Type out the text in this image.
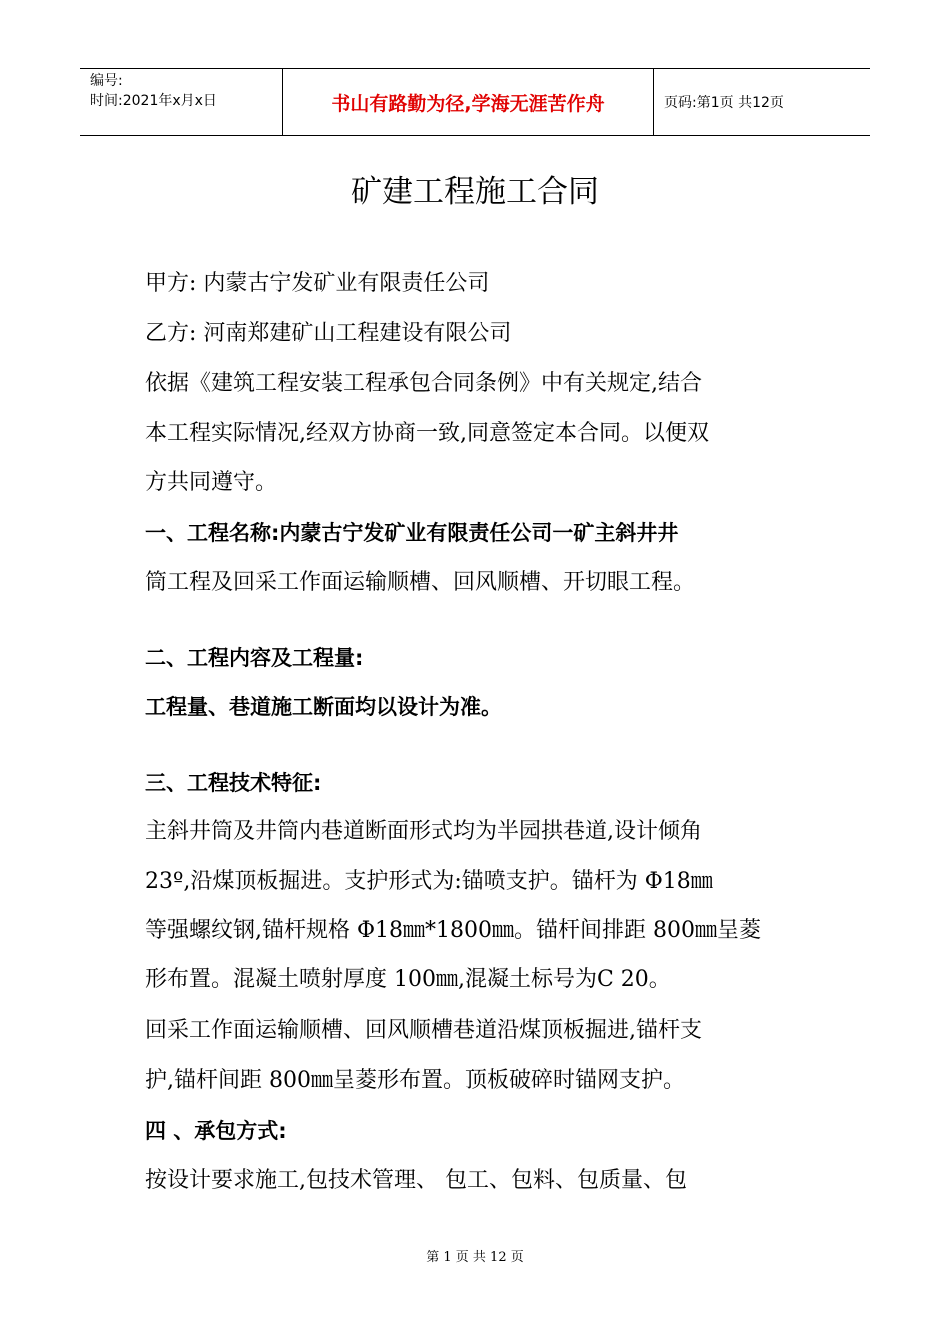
编号:
时间:2021年x月x日	书山有路勤为径,学海无涯苦作舟	页码:第1页 共12页
矿建工程施工合同
甲方: 内蒙古宁发矿业有限责任公司
乙方: 河南郑建矿山工程建设有限公司
依据《建筑工程安装工程承包合同条例》中有关规定,结合
本工程实际情况,经双方协商一致,同意签定本合同。以便双
方共同遵守。
一、工程名称:内蒙古宁发矿业有限责任公司一矿主斜井井
筒工程及回采工作面运输顺槽、回风顺槽、开切眼工程。
二、工程内容及工程量:
工程量、巷道施工断面均以设计为准。
三、工程技术特征:
主斜井筒及井筒内巷道断面形式均为半园拱巷道,设计倾角
23º,沿煤顶板掘进。支护形式为:锚喷支护。锚杆为 Φ18㎜
等强螺纹钢,锚杆规格 Φ18㎜*1800㎜。锚杆间排距 800㎜呈菱
形布置。混凝土喷射厚度 100㎜,混凝土标号为C 20。
回采工作面运输顺槽、回风顺槽巷道沿煤顶板掘进,锚杆支
护,锚杆间距 800㎜呈菱形布置。顶板破碎时锚网支护。
四 、承包方式:
按设计要求施工,包技术管理、 包工、包料、包质量、包
第 1 页 共 12 页
